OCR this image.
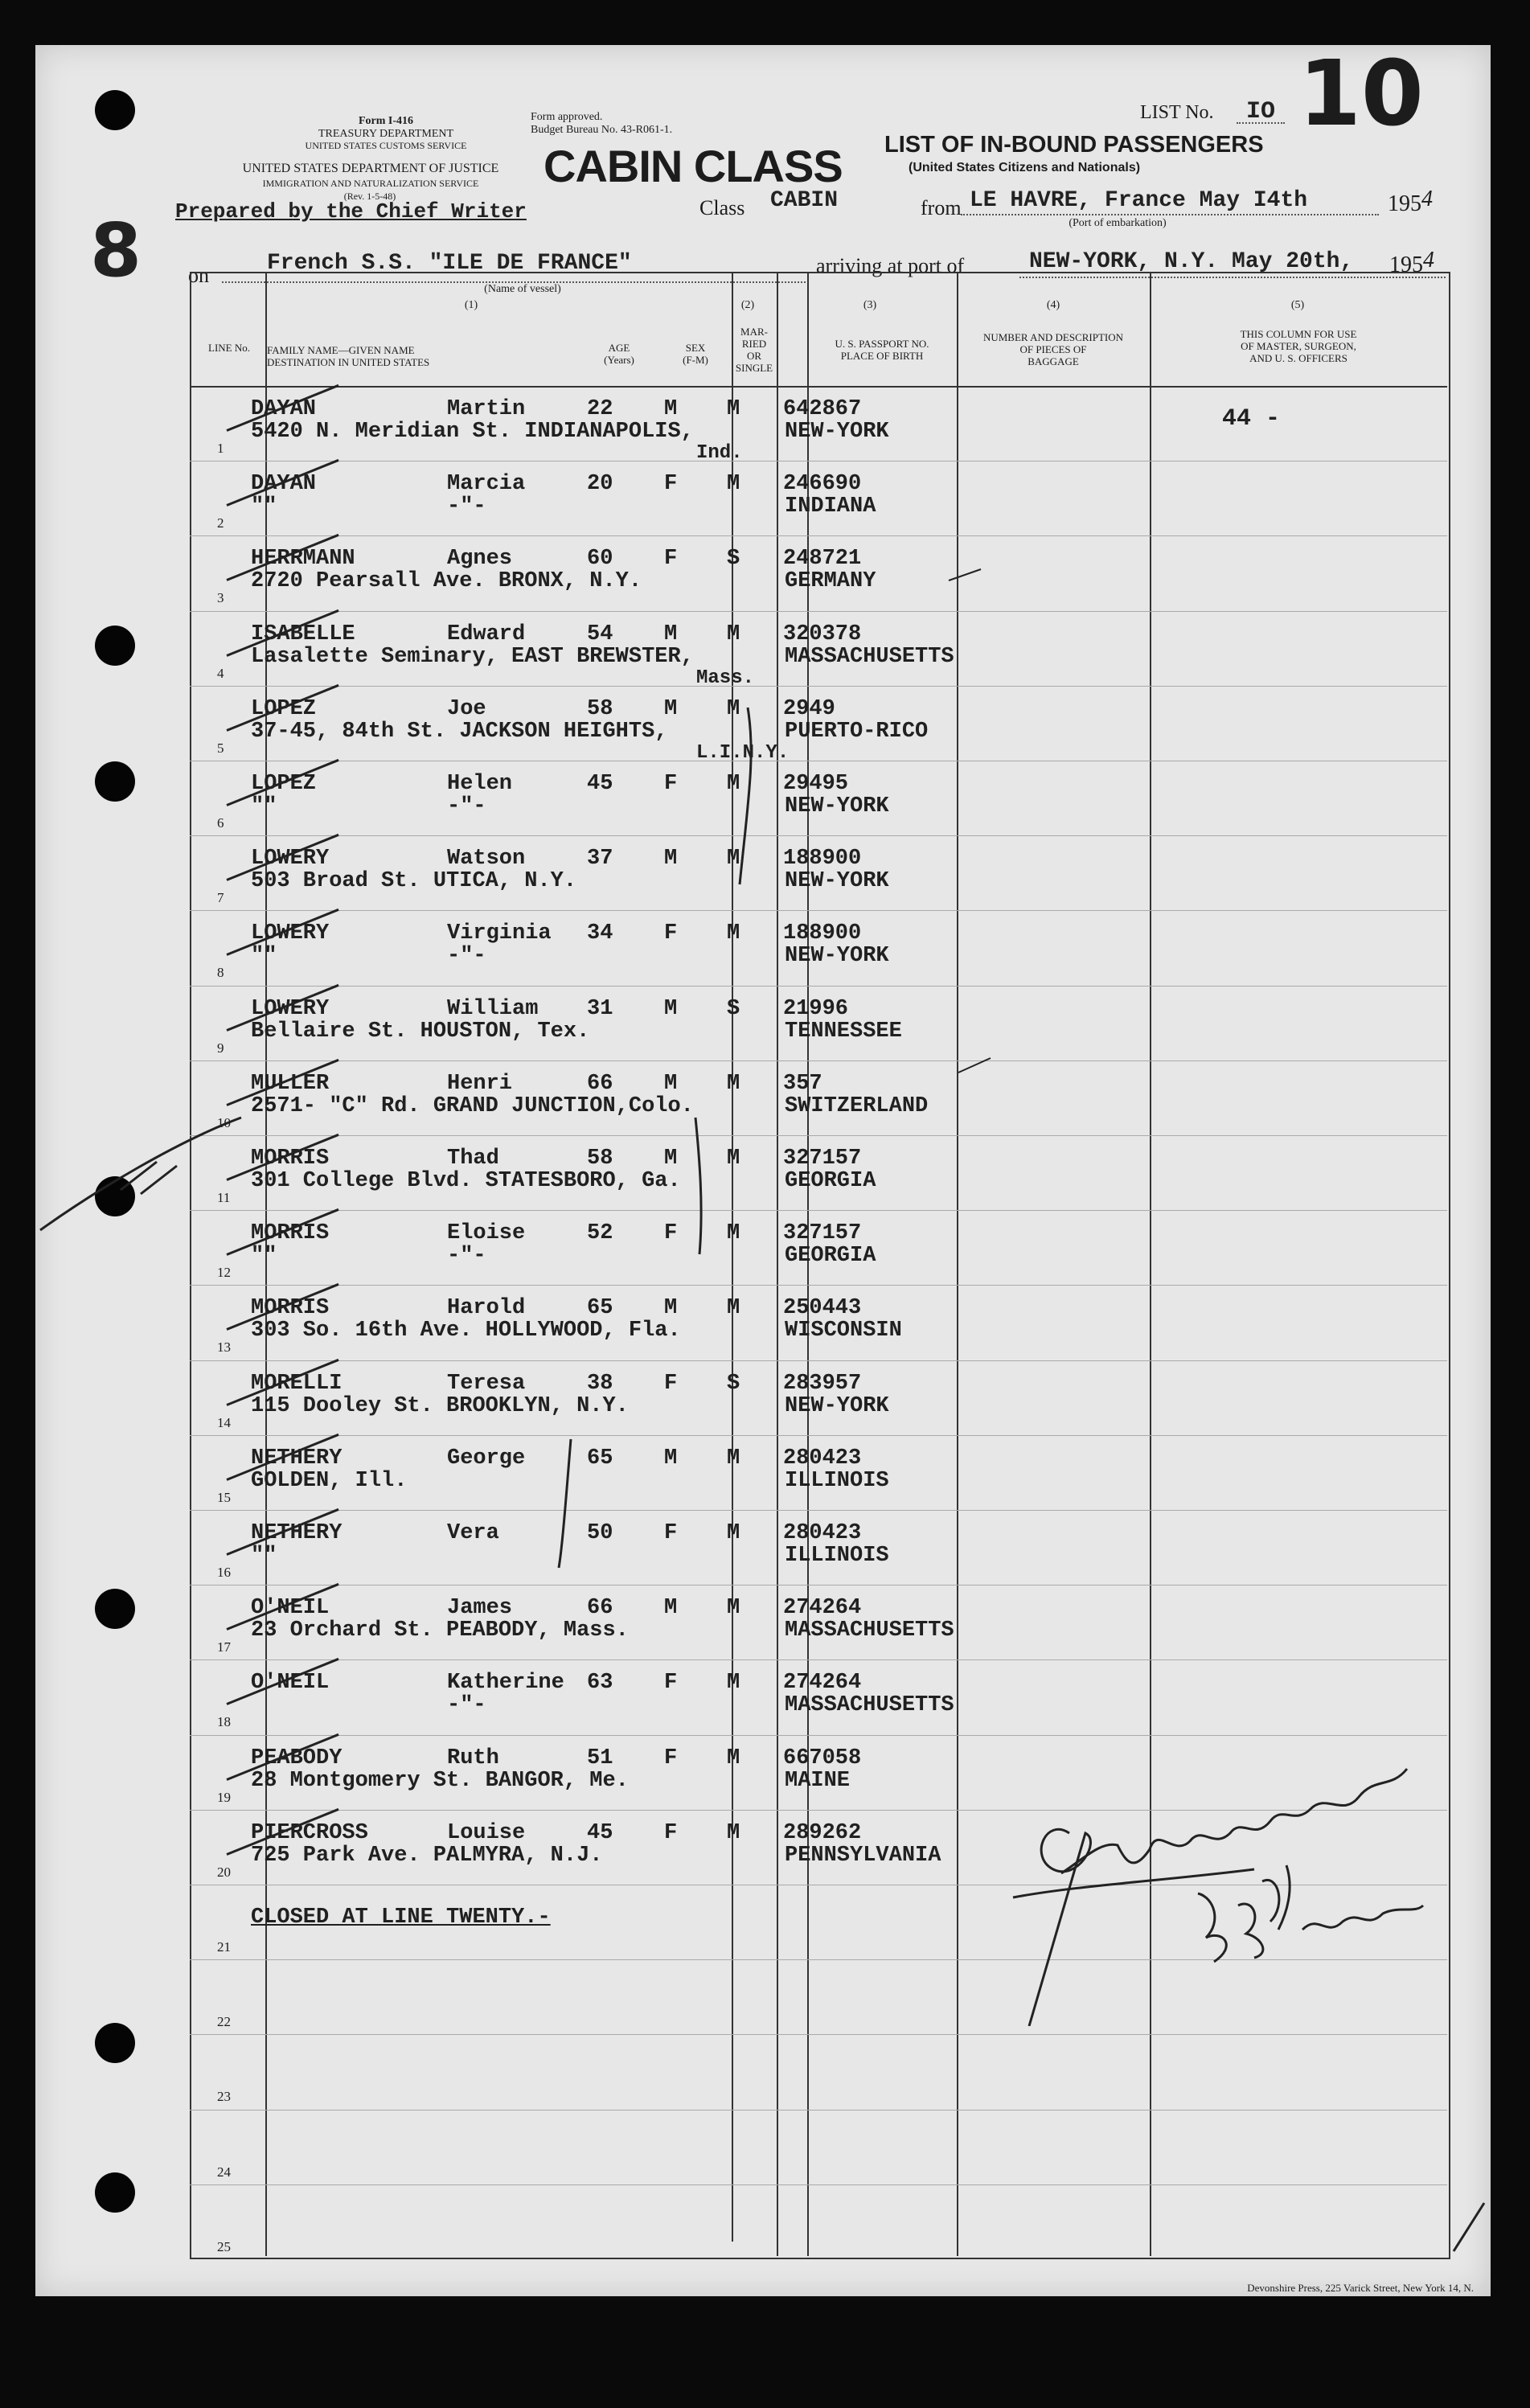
Form I-416
TREASURY DEPARTMENT
UNITED STATES CUSTOMS SERVICE
UNITED STATES DEPARTMENT OF JUSTICE
IMMIGRATION AND NATURALIZATION SERVICE
(Rev. 1-5-48)
Form approved.
Budget Bureau No. 43-R061-1.
CABIN CLASS LIST OF IN-BOUND PASSENGERS
(United States Citizens and Nationals)
LIST No. IO 10
Prepared by the Chief Writer	Class CABIN	from LE HAVRE, France May I4th	195 4
(Port of embarkation)
8 on	French S.S. "ILE DE FRANCE"
(Name of vessel)
arriving at port of	NEW-YORK, N.Y. May 20th, 195 4
(1)	(2)	(3)	(4)	(5)
LINE No.	FAMILY NAME—GIVEN NAME
DESTINATION IN UNITED STATES
AGE
(Years)
SEX
(F-M)
MAR-
RIED
OR
SINGLE
U. S. PASSPORT NO.
PLACE OF BIRTH
NUMBER AND DESCRIPTION
OF PIECES OF
BAGGAGE
THIS COLUMN FOR USE
OF MASTER, SURGEON,
AND U. S. OFFICERS
1
DAYAN	Martin	22 M M 642867
5420 N. Meridian St. INDIANAPOLIS,
Ind.
NEW-YORK	44 -
2
DAYAN	Marcia	20 F M 246690
""	-"-	INDIANA
3
HERRMANN	Agnes	60 F S 248721
2720 Pearsall Ave. BRONX, N.Y.	GERMANY
4
ISABELLE	Edward	54 M M 320378
Lasalette Seminary, EAST BREWSTER,
Mass.
MASSACHUSETTS
5
LOPEZ	Joe	58 M M 2949
37-45, 84th St. JACKSON HEIGHTS,
L.I.N.Y.
PUERTO-RICO
6
LOPEZ	Helen	45 F M 29495
""	-"-	NEW-YORK
7
LOWERY	Watson	37 M M 188900
503 Broad St. UTICA, N.Y.	NEW-YORK
8
LOWERY	Virginia 34 F M 188900
""	-"-	NEW-YORK
9
LOWERY	William 31 M S 21996
Bellaire St. HOUSTON, Tex.	TENNESSEE
10
MULLER	Henri	66 M M 357
2571- "C" Rd. GRAND JUNCTION,Colo.	SWITZERLAND
11
MORRIS	Thad	58 M M 327157
301 College Blvd. STATESBORO, Ga.	GEORGIA
12
MORRIS	Eloise	52 F M 327157
""	-"-	GEORGIA
13
MORRIS	Harold	65 M M 250443
303 So. 16th Ave. HOLLYWOOD, Fla.	WISCONSIN
14
MORELLI	Teresa	38 F S 283957
115 Dooley St. BROOKLYN, N.Y.	NEW-YORK
15
NETHERY	George	65 M M 280423
GOLDEN, Ill.	ILLINOIS
16
NETHERY	Vera	50 F M 280423
""	ILLINOIS
17
O'NEIL	James	66 M M 274264
23 Orchard St. PEABODY, Mass.	MASSACHUSETTS
18
O'NEIL	Katherine 63 F M 274264
-"-	MASSACHUSETTS
19
PEABODY	Ruth	51 F M 667058
28 Montgomery St. BANGOR, Me.	MAINE
20
PIERCROSS	Louise	45 F M 289262
725 Park Ave. PALMYRA, N.J.	PENNSYLVANIA
21
CLOSED AT LINE TWENTY.-
22
23
24
25
Devonshire Press, 225 Varick Street, New York 14, N.
